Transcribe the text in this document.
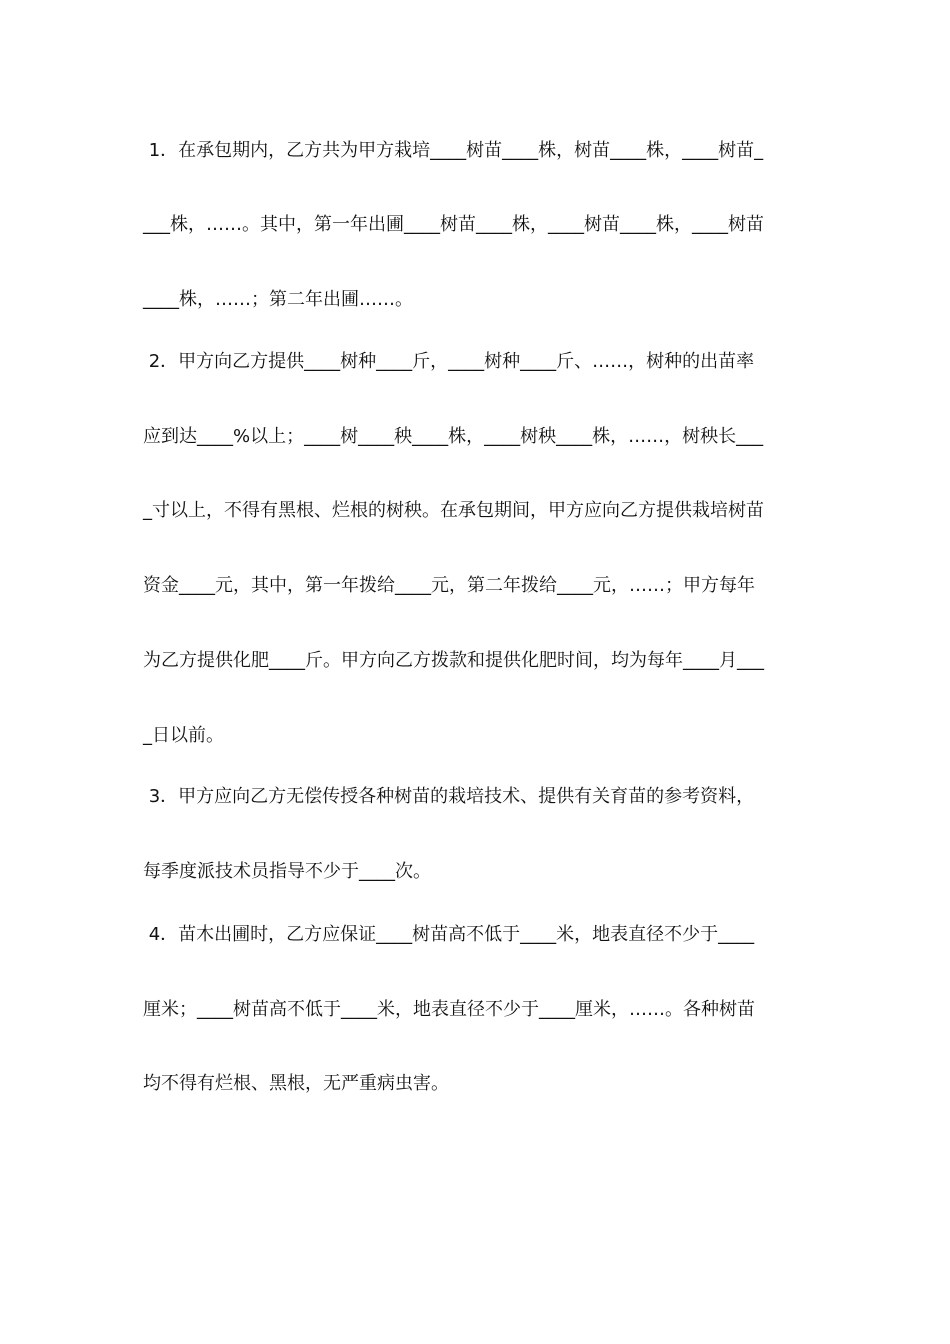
1．在承包期内，乙方共为甲方栽培____树苗____株，树苗____株，____树苗_
___株，……。其中，第一年出圃____树苗____株，____树苗____株，____树苗
____株，……；第二年出圃……。
2．甲方向乙方提供____树种____斤，____树种____斤、……，树种的出苗率
应到达____%以上；____树____秧____株，____树秧____株，……，树秧长___
_寸以上，不得有黑根、烂根的树秧。在承包期间，甲方应向乙方提供栽培树苗
资金____元，其中，第一年拨给____元，第二年拨给____元，……；甲方每年
为乙方提供化肥____斤。甲方向乙方拨款和提供化肥时间，均为每年____月___
_日以前。
3．甲方应向乙方无偿传授各种树苗的栽培技术、提供有关育苗的参考资料，
每季度派技术员指导不少于____次。
4．苗木出圃时，乙方应保证____树苗高不低于____米，地表直径不少于____
厘米；____树苗高不低于____米，地表直径不少于____厘米，……。各种树苗
均不得有烂根、黑根，无严重病虫害。
